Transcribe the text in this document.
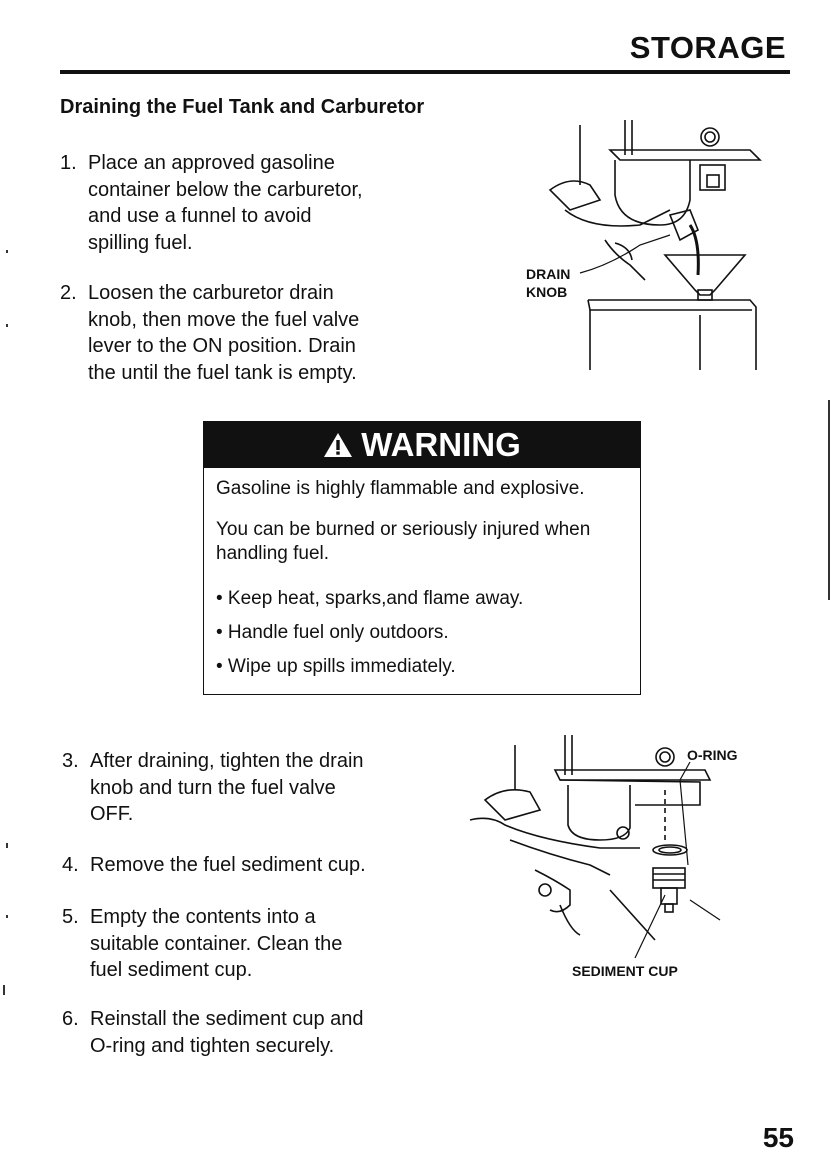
STORAGE
Draining the Fuel Tank and Carburetor
1. Place an approved gasoline
container below the carburetor,
and use a funnel to avoid
spilling fuel.
2. Loosen the carburetor drain
knob, then move the fuel valve
lever to the ON position. Drain
the until the fuel tank is empty.
DRAIN
KNOB
WARNING
Gasoline is highly flammable and explosive.
You can be burned or seriously injured when
handling fuel.
• Keep heat, sparks,and flame away.
• Handle fuel only outdoors.
• Wipe up spills immediately.
3. After draining, tighten the drain
knob and turn the fuel valve
OFF.
4. Remove the fuel sediment cup.
5. Empty the contents into a
suitable container. Clean the
fuel sediment cup.
6. Reinstall the sediment cup and
O-ring and tighten securely.
O-RING
SEDIMENT CUP
55
